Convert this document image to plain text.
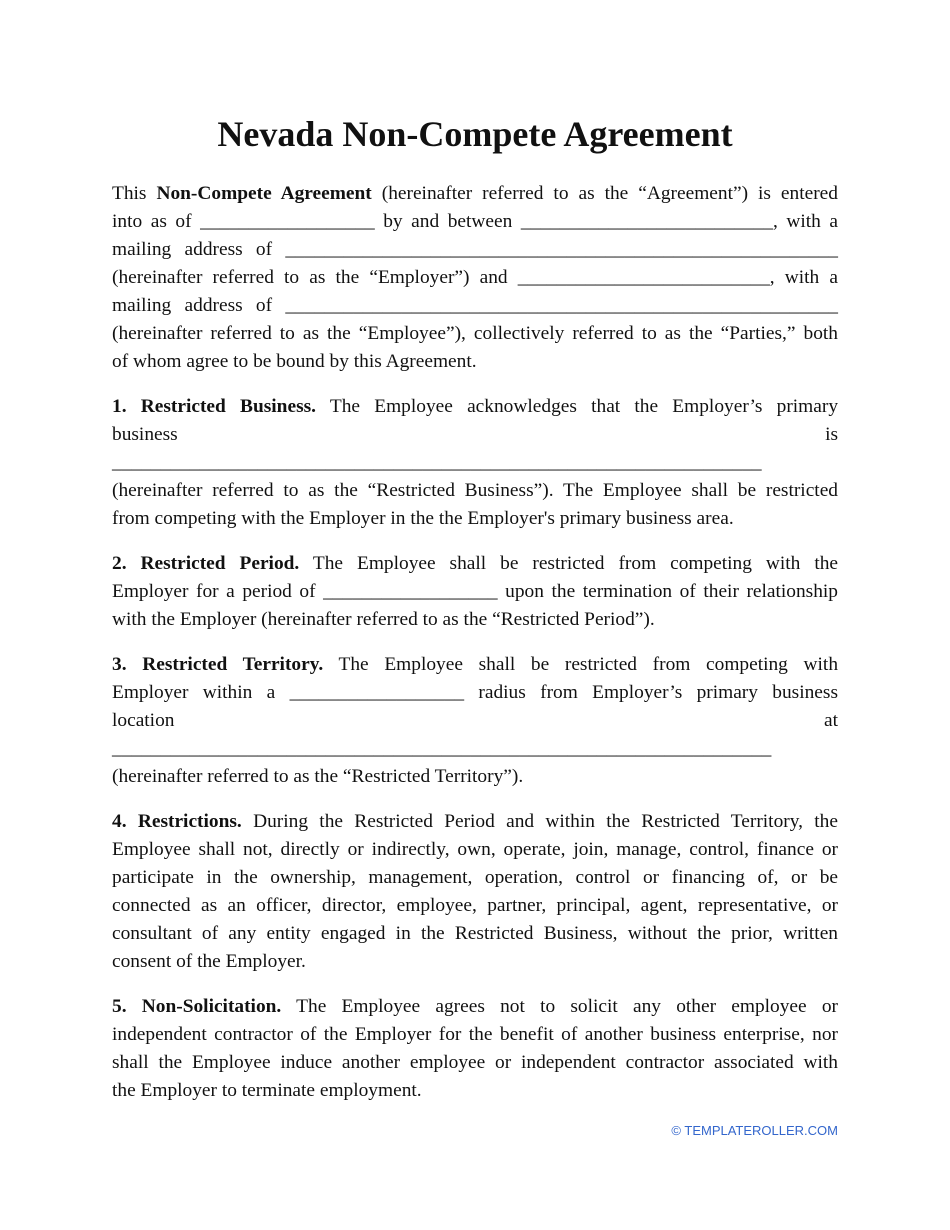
Nevada Non-Compete Agreement

This Non-Compete Agreement (hereinafter referred to as the “Agreement”) is entered

into as of __________________ by and between __________________________, with a

mailing address of _________________________________________________________

(hereinafter referred to as the “Employer”) and __________________________, with a

mailing address of _________________________________________________________

(hereinafter referred to as the “Employee”), collectively referred to as the “Parties,” both

of whom agree to be bound by this Agreement.

1. Restricted Business. The Employee acknowledges that the Employer’s primary

business is ___________________________________________________________________

(hereinafter referred to as the “Restricted Business”). The Employee shall be restricted

from competing with the Employer in the the Employer's primary business area.

2. Restricted Period. The Employee shall be restricted from competing with the

Employer for a period of __________________ upon the termination of their relationship

with the Employer (hereinafter referred to as the “Restricted Period”).

3. Restricted Territory. The Employee shall be restricted from competing with

Employer within a __________________ radius from Employer’s primary business

location at ____________________________________________________________________

(hereinafter referred to as the “Restricted Territory”).

4. Restrictions. During the Restricted Period and within the Restricted Territory, the

Employee shall not, directly or indirectly, own, operate, join, manage, control, finance or

participate in the ownership, management, operation, control or financing of, or be

connected as an officer, director, employee, partner, principal, agent, representative, or

consultant of any entity engaged in the Restricted Business, without the prior, written

consent of the Employer.

5. Non-Solicitation. The Employee agrees not to solicit any other employee or

independent contractor of the Employer for the benefit of another business enterprise, nor

shall the Employee induce another employee or independent contractor associated with

the Employer to terminate employment.

© TEMPLATEROLLER.COM
